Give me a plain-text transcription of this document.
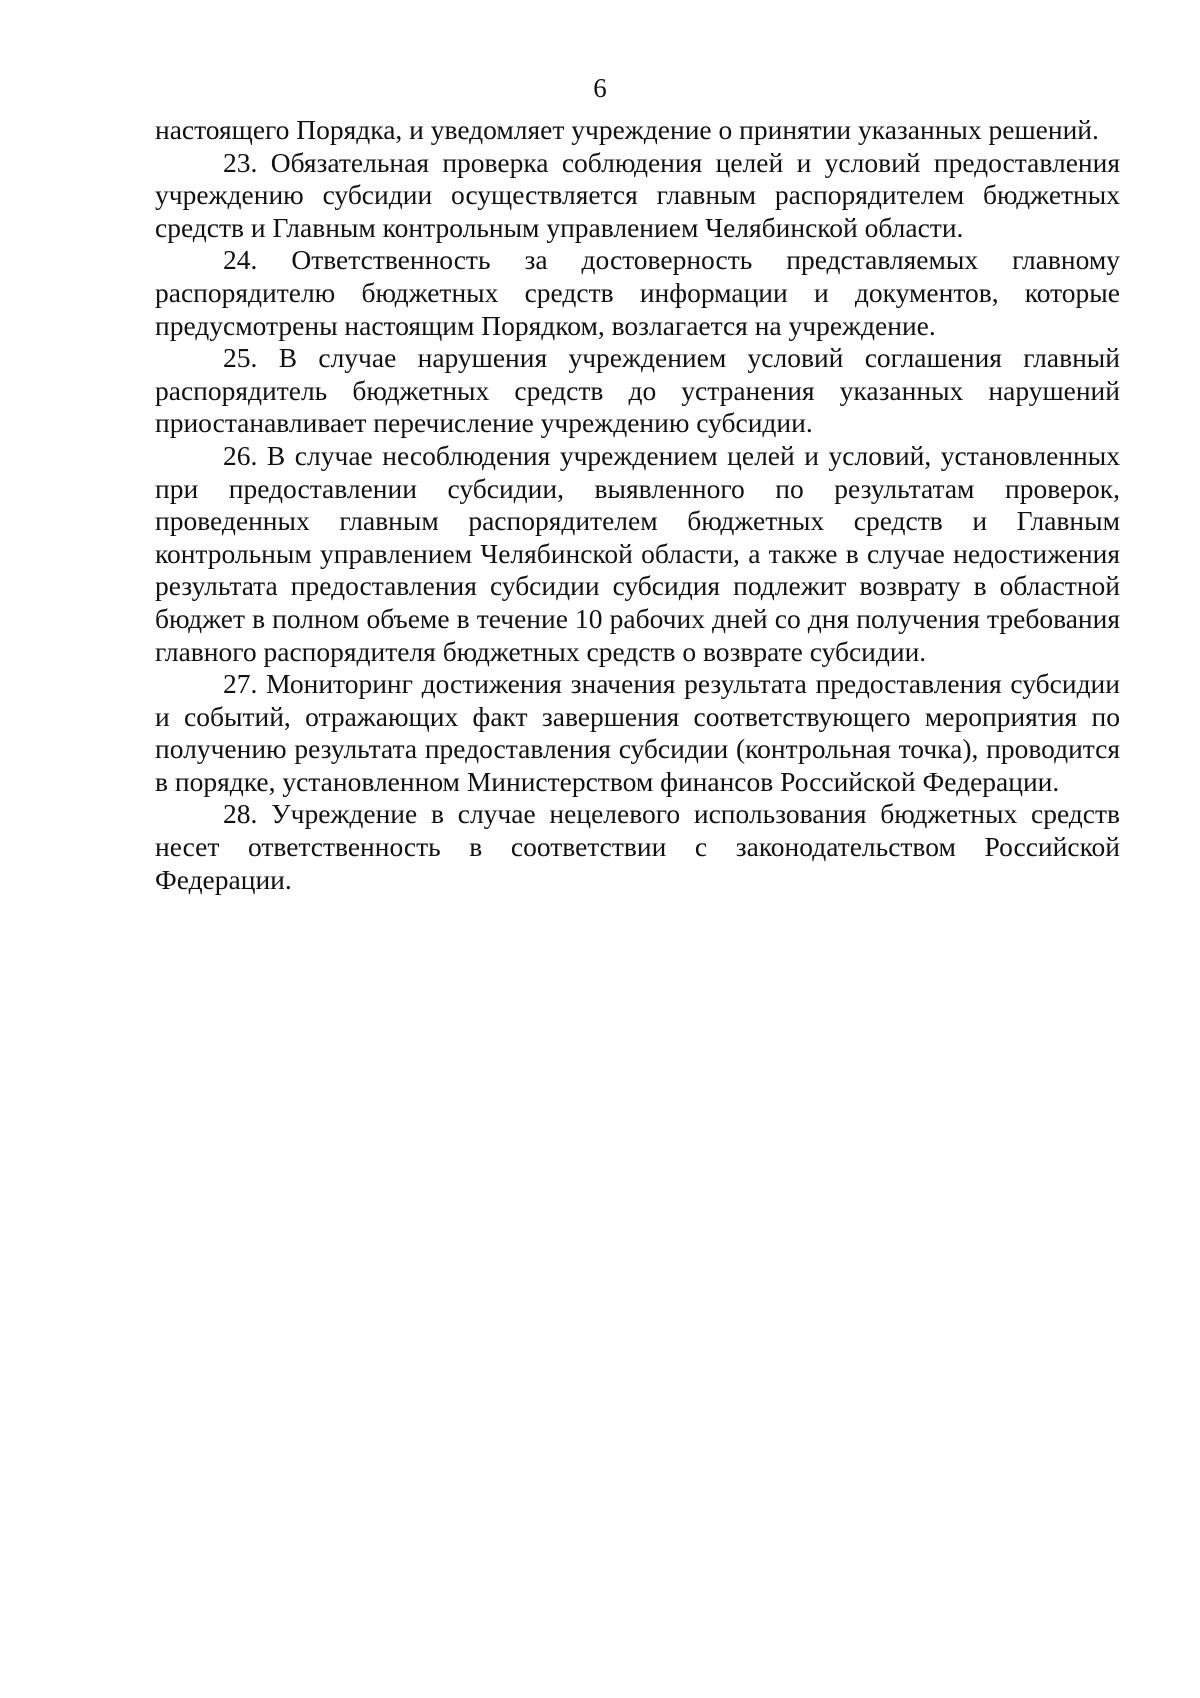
6

настоящего Порядка, и уведомляет учреждение о принятии указанных решений.

23. Обязательная проверка соблюдения целей и условий предоставления учреждению субсидии осуществляется главным распорядителем бюджетных средств и Главным контрольным управлением Челябинской области.

24. Ответственность за достоверность представляемых главному распорядителю бюджетных средств информации и документов, которые предусмотрены настоящим Порядком, возлагается на учреждение.

25. В случае нарушения учреждением условий соглашения главный распорядитель бюджетных средств до устранения указанных нарушений приостанавливает перечисление учреждению субсидии.

26. В случае несоблюдения учреждением целей и условий, установленных при предоставлении субсидии, выявленного по результатам проверок, проведенных главным распорядителем бюджетных средств и Главным контрольным управлением Челябинской области, а также в случае недостижения результата предоставления субсидии субсидия подлежит возврату в областной бюджет в полном объеме в течение 10 рабочих дней со дня получения требования главного распорядителя бюджетных средств о возврате субсидии.

27. Мониторинг достижения значения результата предоставления субсидии и событий, отражающих факт завершения соответствующего мероприятия по получению результата предоставления субсидии (контрольная точка), проводится в порядке, установленном Министерством финансов Российской Федерации.

28. Учреждение в случае нецелевого использования бюджетных средств несет ответственность в соответствии с законодательством Российской Федерации.
